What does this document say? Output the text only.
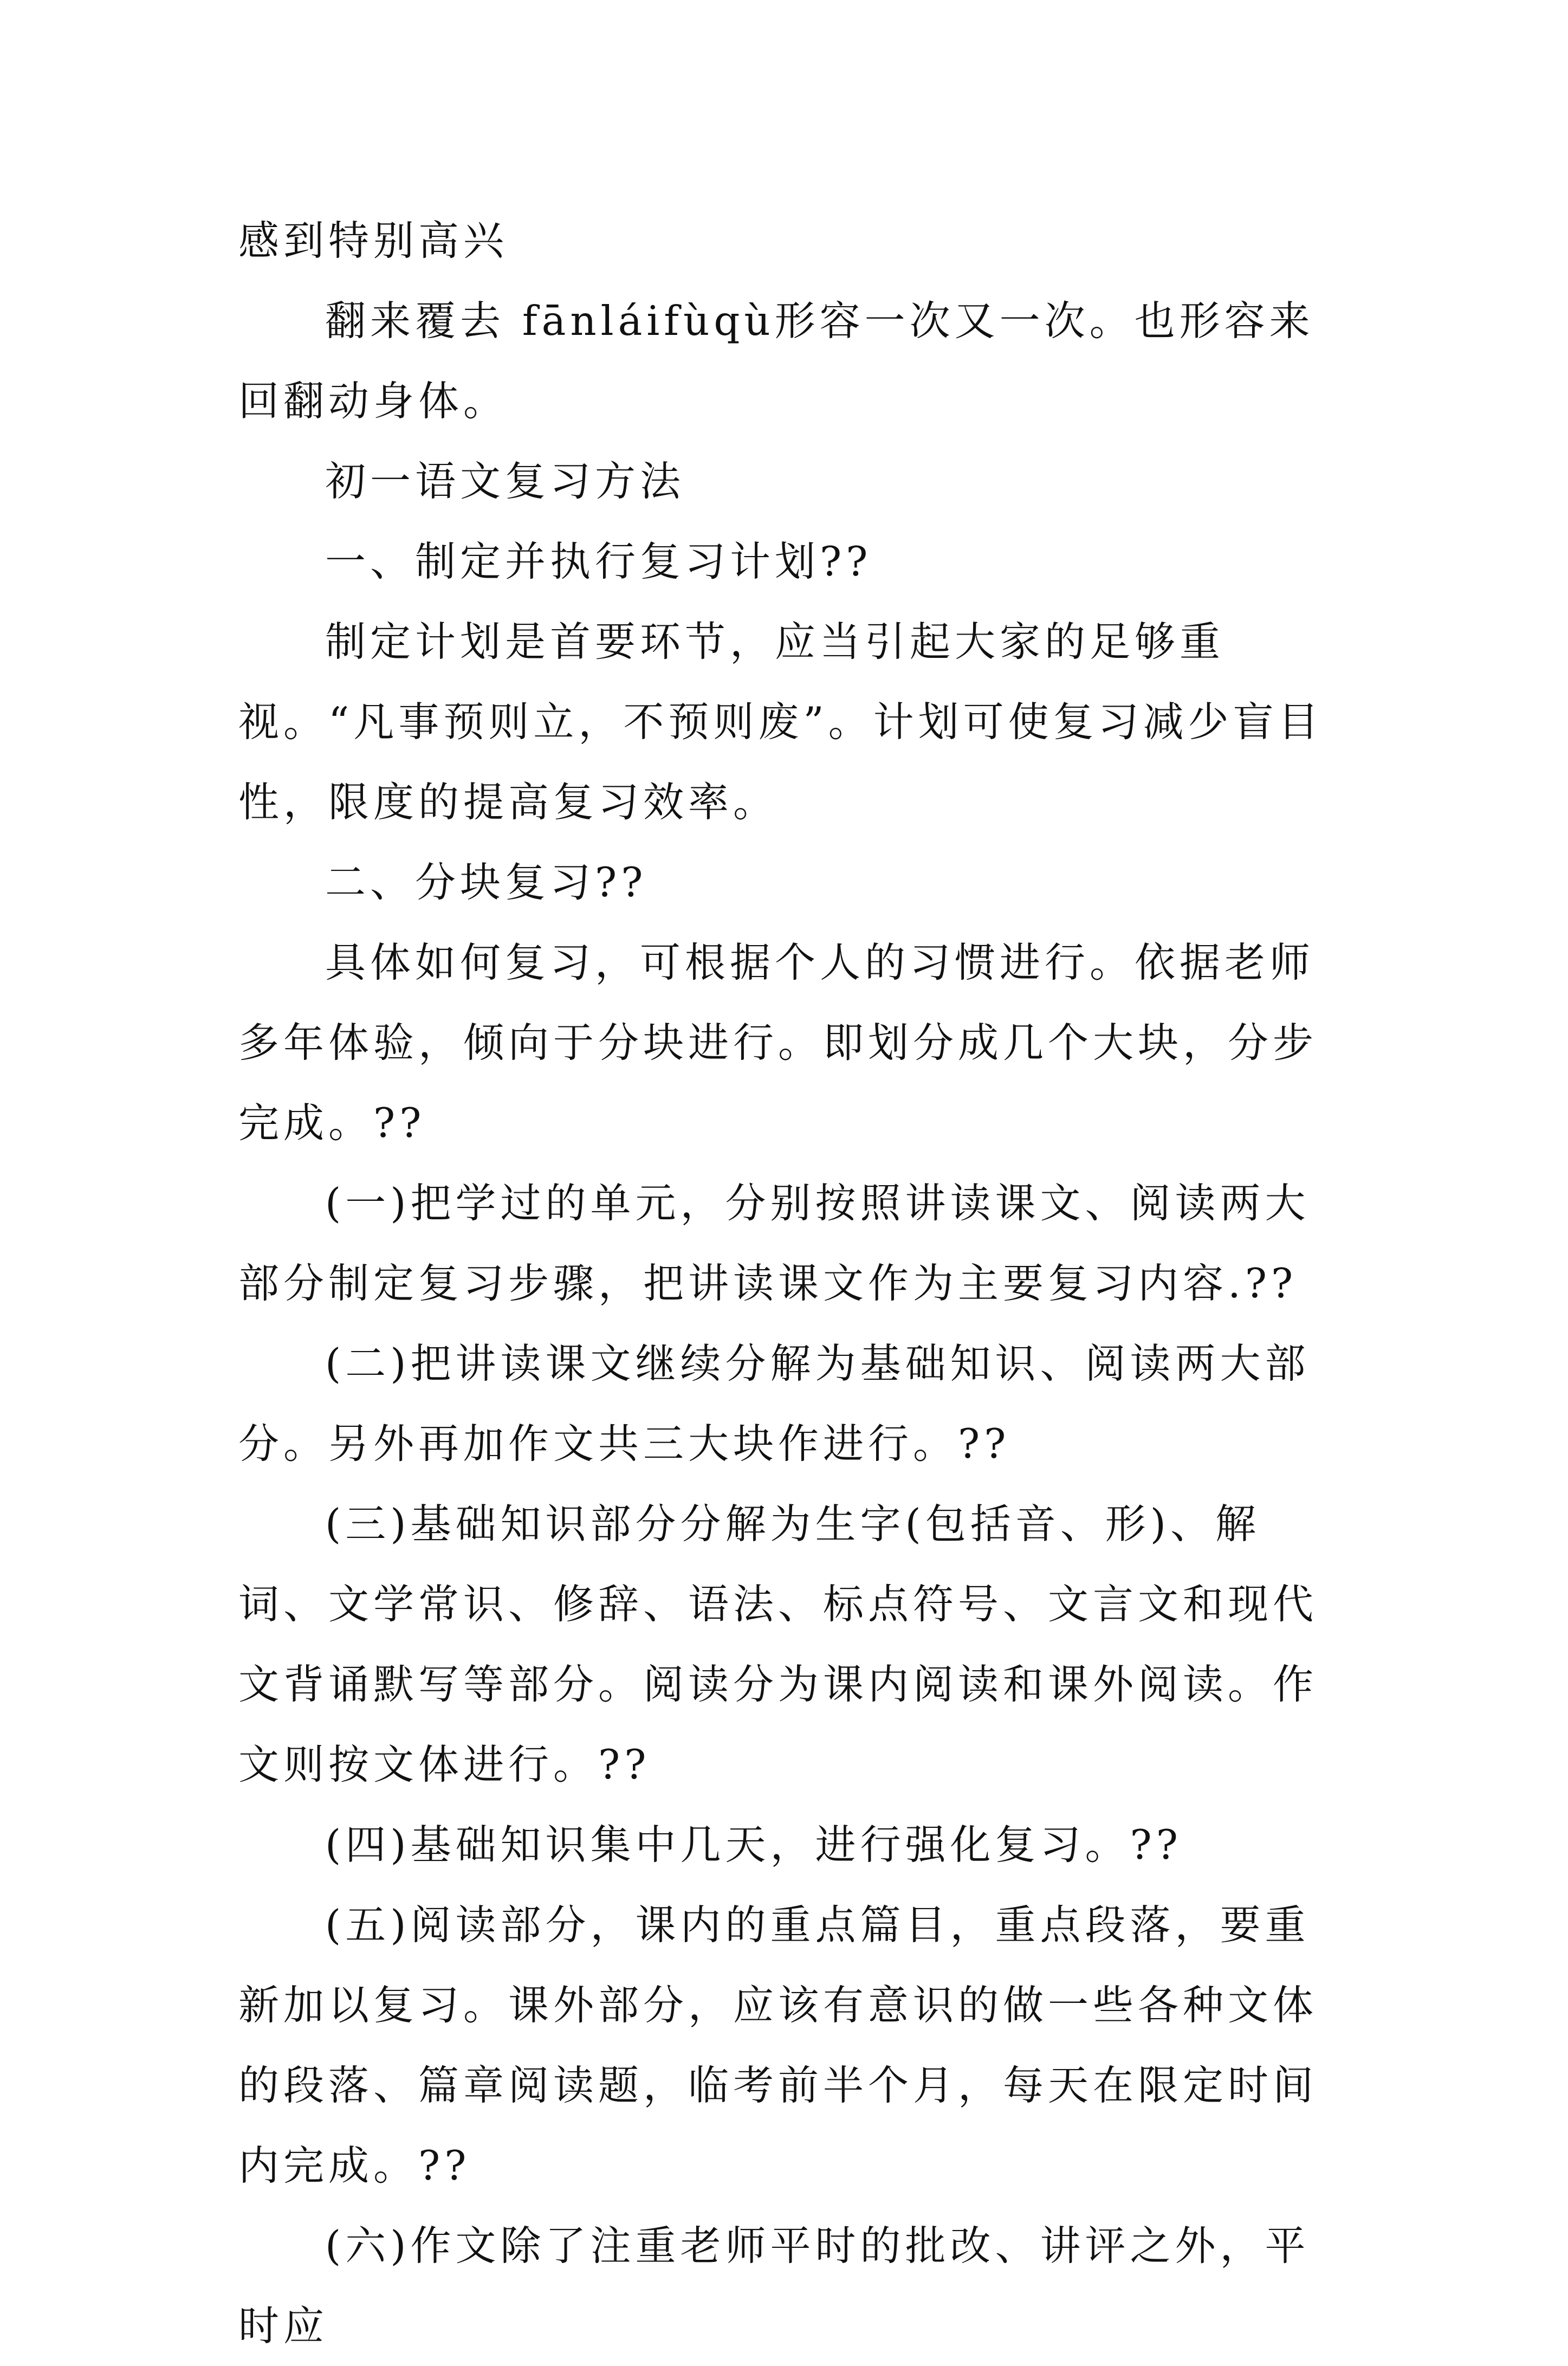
感到特别高兴

翻来覆去 fānláifùqù形容一次又一次。也形容来回翻动身体。

初一语文复习方法

一、制定并执行复习计划??

制定计划是首要环节，应当引起大家的足够重视。“凡事预则立，不预则废”。计划可使复习减少盲目性，限度的提高复习效率。

二、分块复习??

具体如何复习，可根据个人的习惯进行。依据老师多年体验，倾向于分块进行。即划分成几个大块，分步完成。??

(一)把学过的单元，分别按照讲读课文、阅读两大部分制定复习步骤，把讲读课文作为主要复习内容.??

(二)把讲读课文继续分解为基础知识、阅读两大部分。另外再加作文共三大块作进行。??

(三)基础知识部分分解为生字(包括音、形)、解词、文学常识、修辞、语法、标点符号、文言文和现代文背诵默写等部分。阅读分为课内阅读和课外阅读。作文则按文体进行。??

(四)基础知识集中几天，进行强化复习。??

(五)阅读部分，课内的重点篇目，重点段落，要重新加以复习。课外部分，应该有意识的做一些各种文体的段落、篇章阅读题，临考前半个月，每天在限定时间内完成。??

(六)作文除了注重老师平时的批改、讲评之外，平时应
